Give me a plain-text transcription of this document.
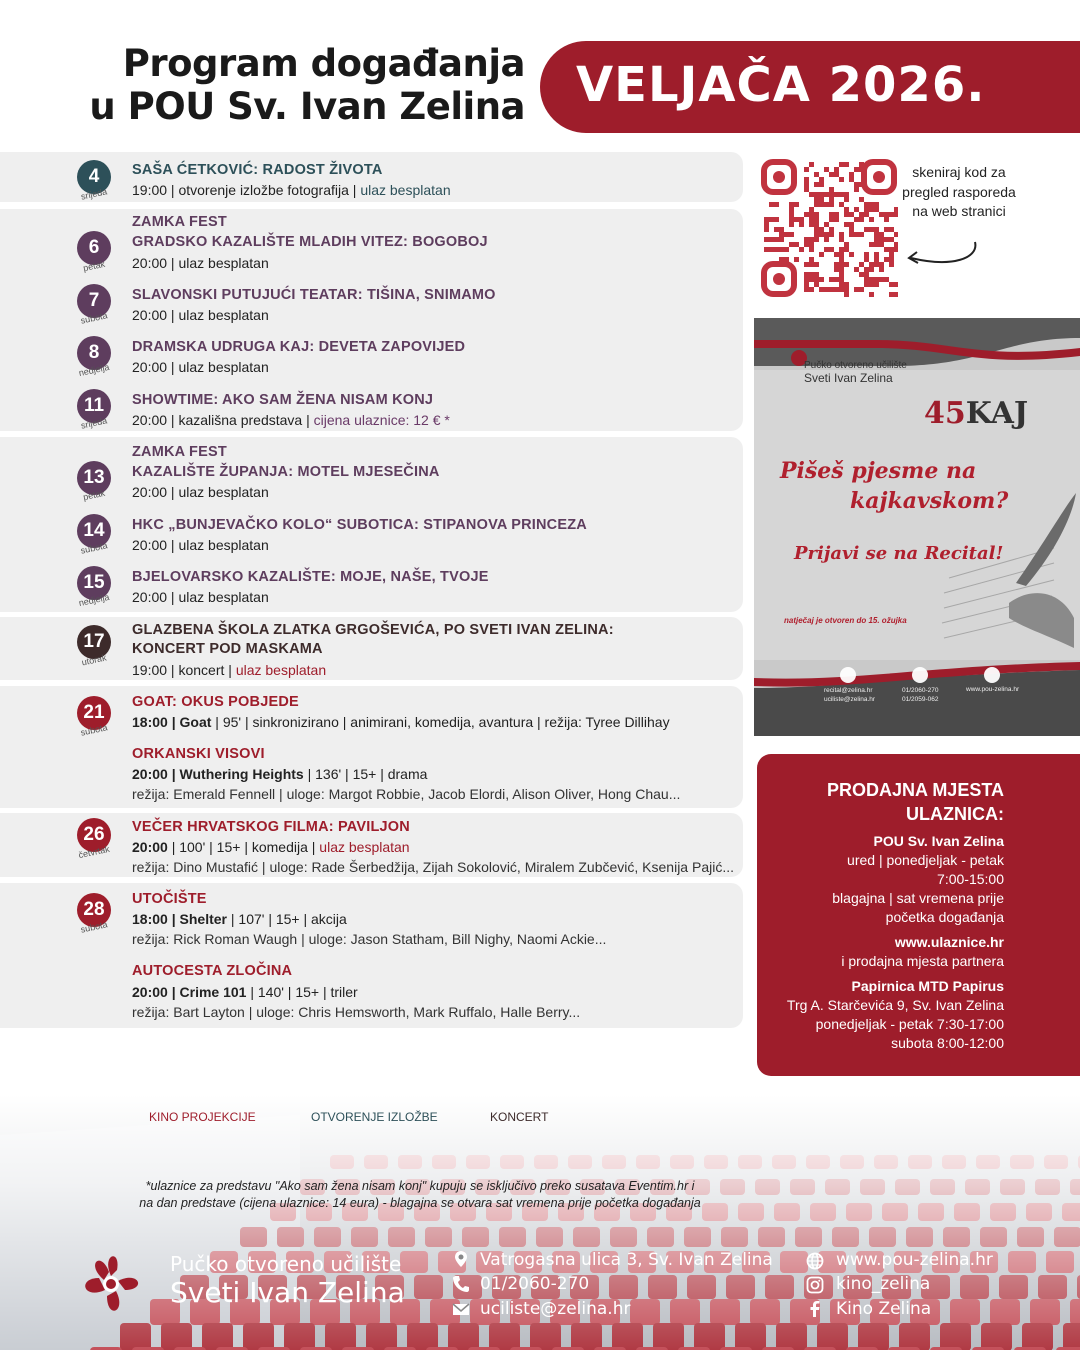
Program događanja
u POU Sv. Ivan Zelina VELJAČA 2026.
4
srijeda
SAŠA ĆETKOVIĆ: RADOST ŽIVOTA
19:00 | otvorenje izložbe fotografija | ulaz besplatan
ZAMKA FEST
6
petak
GRADSKO KAZALIŠTE MLADIH VITEZ: BOGOBOJ
20:00 | ulaz besplatan
7
subota
SLAVONSKI PUTUJUĆI TEATAR: TIŠINA, SNIMAMO
20:00 | ulaz besplatan
8
nedjelja
DRAMSKA UDRUGA KAJ: DEVETA ZAPOVIJED
20:00 | ulaz besplatan
11
srijeda
SHOWTIME: AKO SAM ŽENA NISAM KONJ
20:00 | kazališna predstava | cijena ulaznice: 12 € *
ZAMKA FEST
13
petak
KAZALIŠTE ŽUPANJA: MOTEL MJESEČINA
20:00 | ulaz besplatan
14
subota
HKC „BUNJEVAČKO KOLO“ SUBOTICA: STIPANOVA PRINCEZA
20:00 | ulaz besplatan
15
nedjelja
BJELOVARSKO KAZALIŠTE: MOJE, NAŠE, TVOJE
20:00 | ulaz besplatan
17
utorak
GLAZBENA ŠKOLA ZLATKA GRGOŠEVIĆA, PO SVETI IVAN ZELINA:
KONCERT POD MASKAMA
19:00 | koncert | ulaz besplatan
21
subota
GOAT: OKUS POBJEDE
18:00 | Goat | 95' | sinkronizirano | animirani, komedija, avantura | režija: Tyree Dillihay
ORKANSKI VISOVI
20:00 | Wuthering Heights | 136' | 15+ | drama
režija: Emerald Fennell | uloge: Margot Robbie, Jacob Elordi, Alison Oliver, Hong Chau...
26
četvrtak
VEČER HRVATSKOG FILMA: PAVILJON
20:00 | 100' | 15+ | komedija | ulaz besplatan
režija: Dino Mustafić | uloge: Rade Šerbedžija, Zijah Sokolović, Miralem Zubčević, Ksenija Pajić...
28
subota
UTOČIŠTE
18:00 | Shelter | 107' | 15+ | akcija
režija: Rick Roman Waugh | uloge: Jason Statham, Bill Nighy, Naomi Ackie...
AUTOCESTA ZLOČINA
20:00 | Crime 101 | 140' | 15+ | triler
režija: Bart Layton | uloge: Chris Hemsworth, Mark Ruffalo, Halle Berry...
skeniraj kod za pregled rasporeda na web stranici
Pučko otvoreno učilište
Sveti Ivan Zelina
45KAJ
Pišeš pjesme na
kajkavskom?
Prijavi se na Recital!
natječaj je otvoren do 15. ožujka
recital@zelina.hr
uciliste@zelina.hr
01/2060-270
01/2059-062
www.pou-zelina.hr
PRODAJNA MJESTA
ULAZNICA:
POU Sv. Ivan Zelina
ured | ponedjeljak - petak
7:00-15:00
blagajna | sat vremena prije
početka događanja
www.ulaznice.hr
i prodajna mjesta partnera
Papirnica MTD Papirus
Trg A. Starčevića 9, Sv. Ivan Zelina
ponedjeljak - petak 7:30-17:00
subota 8:00-12:00
KINO PROJEKCIJE	OTVORENJE IZLOŽBE	KONCERT
*ulaznice za predstavu "Ako sam žena nisam konj" kupuju se isključivo preko susatava Eventim.hr i
na dan predstave (cijena ulaznice: 14 eura) - blagajna se otvara sat vremena prije početka događanja
Pučko otvoreno učilište
Sveti Ivan Zelina
Vatrogasna ulica 3, Sv. Ivan Zelina
01/2060-270
uciliste@zelina.hr
www.pou-zelina.hr
kino_zelina
Kino Zelina
